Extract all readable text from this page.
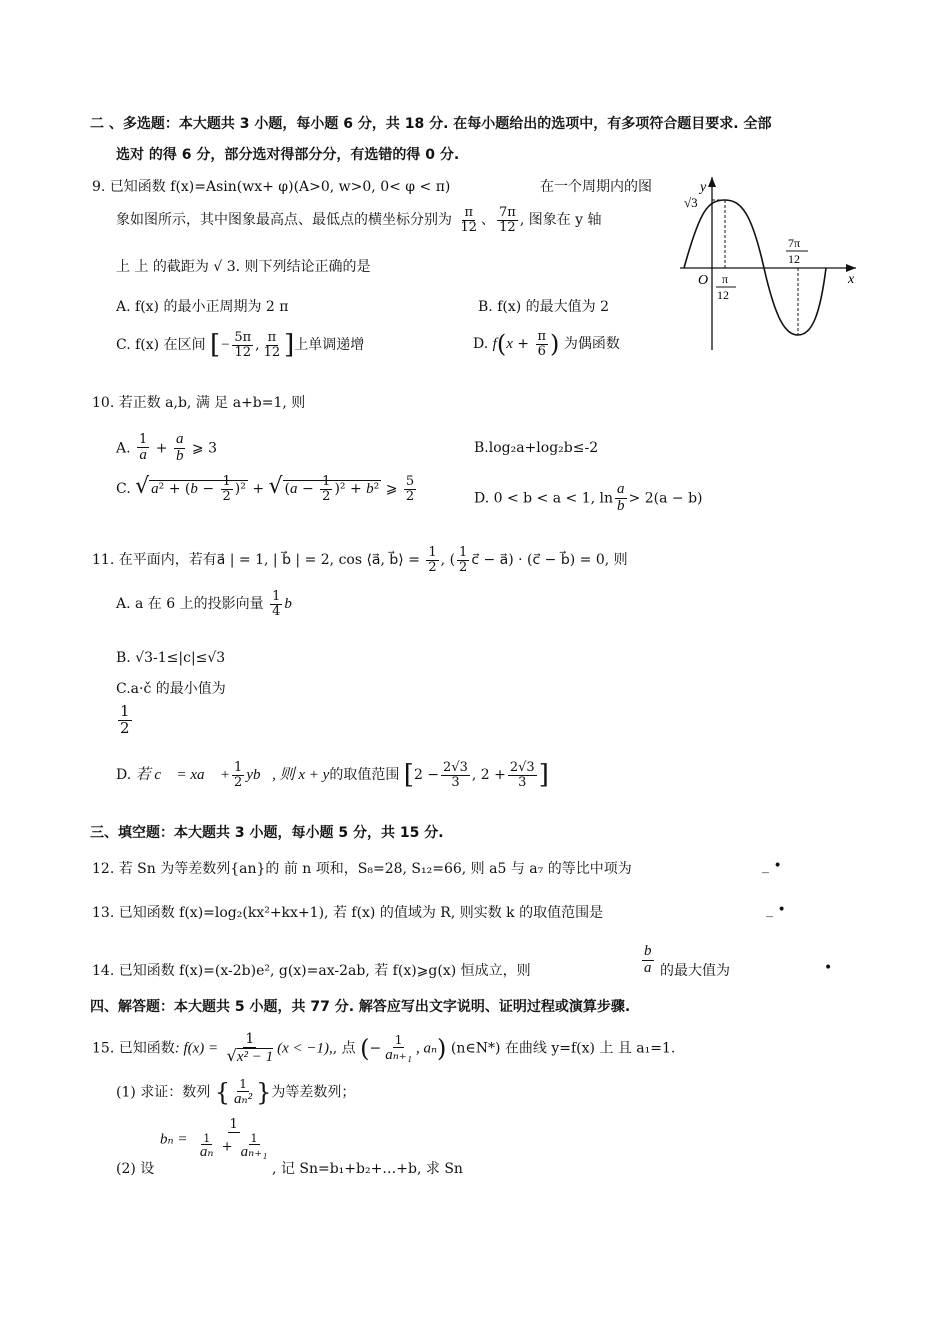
二 、多选题：本大题共 3 小题，每小题 6 分，共 18 分. 在每小题给出的选项中，有多项符合题目要求. 全部
选对 的得 6 分，部分选对得部分分，有选错的得 0 分.
9. 已知函数 f(x)=Asin(wx+ φ)(A>0, w>0, 0< φ < π)	在一个周期内的图
象如图所示，其中图象最高点、最低点的横坐标分别为 $\frac{\pi}{12}$ 、 $\frac{7\pi}{12}$ , 图象在 y 轴
上 上 的截距为 √ 3. 则下列结论正确的是
A. f(x) 的最小正周期为 2 π	B. f(x) 的最大值为 2
C. f(x) 在区间 [− $\frac{5\pi}{12}$ , $\frac{\pi}{12}$ ]上单调递增	D. $f(x + \frac{\pi}{6}$ ) 为偶函数
y
x
O
√3
π
12
7π
12
10. 若正数 a,b, 满 足 a+b=1, 则
A. $\frac{1}{a} + \frac{a}{b}$ ⩾ 3	B.log₂a+log₂b≤-2
C. √ $a^2 + (b - \frac{1}{2} )^2$ + √ $(a - \frac{1}{2} )^2 + b^2$ ⩾ $\frac{5}{2}$	D. 0 < b < a < 1, $\ln \frac{a}{b} > 2(a - b)$
11. 在平面内，若有a⃗ | = 1, | b⃗ | = 2, cos ⟨a⃗, b⃗⟩ = $\frac{1}{2}$ , ( $\frac{1}{2}$ c⃗ − a⃗) · (c⃗ − b⃗) = 0, 则
A. a 在 6 上的投影向量 $\frac{1}{4}$ b⃗
B. √3-1≤|c|≤√3
C.a·č 的最小值为
$\frac{1}{2}$
D. 若 c⃗ = xa⃗ + $\frac{1}{2}$ yb⃗, 则 x + y的取值范围 [$2 - \frac{2√3}{3}$ , $2 + \frac{2√3}{3}$ ]
三、填空题：本大题共 3 小题，每小题 5 分，共 15 分.
12. 若 Sn 为等差数列{an}的 前 n 项和，S₈=28, S₁₂=66, 则 a5 与 a₇ 的等比中项为	_ •
13. 已知函数 f(x)=log₂(kx²+kx+1), 若 f(x) 的值域为 R, 则实数 k 的取值范围是	_ •
14. 已知函数 f(x)=(x-2b)e², g(x)=ax-2ab, 若 f(x)⩾g(x) 恒成立，则	$\frac{b}{a}$ 的最大值为	•
四、解答题：本大题共 5 小题，共 77 分. 解答应写出文字说明、证明过程或演算步骤.
15. 已知函数: $f(x) = \frac{1}{\text{√x² − 1}} (x < -1)$,, 点 (− $\frac{1}{\text{aₙ₊₁}}$ , aₙ) (n∈N*) 在曲线 y=f(x) 上 且 a₁=1.
(1) 求证：数列 { $\frac{1}{\text{aₙ²}}$ }为等差数列；
$b_n = \frac{1}{\frac{1}{\text{aₙ}} + \frac{1}{\text{aₙ₊₁}}}$
(2) 设	, 记 Sn=b₁+b₂+…+b, 求 Sn
